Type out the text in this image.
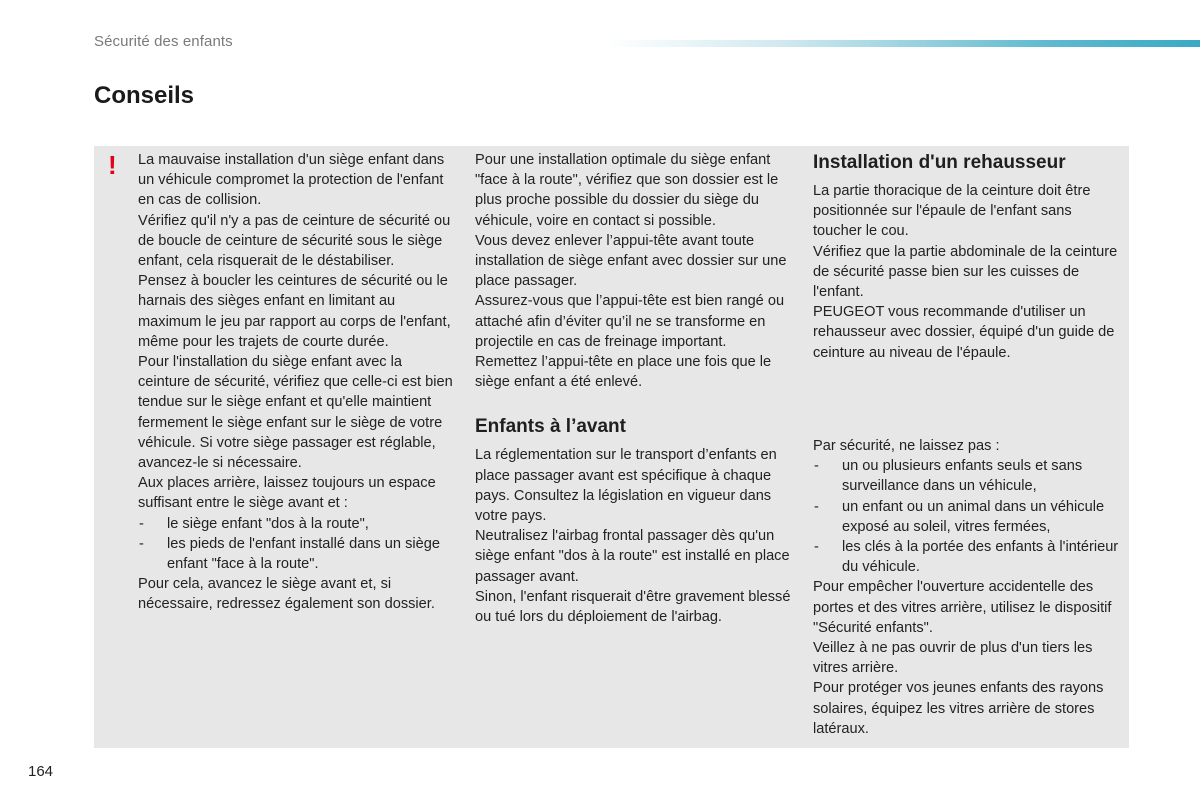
Sécurité des enfants
Conseils
! La mauvaise installation d'un siège enfant dans un véhicule compromet la protection de l'enfant en cas de collision.

Vérifiez qu'il n'y a pas de ceinture de sécurité ou de boucle de ceinture de sécurité sous le siège enfant, cela risquerait de le déstabiliser.

Pensez à boucler les ceintures de sécurité ou le harnais des sièges enfant en limitant au maximum le jeu par rapport au corps de l'enfant, même pour les trajets de courte durée.

Pour l'installation du siège enfant avec la ceinture de sécurité, vérifiez que celle-ci est bien tendue sur le siège enfant et qu'elle maintient fermement le siège enfant sur le siège de votre véhicule. Si votre siège passager est réglable, avancez-le si nécessaire.

Aux places arrière, laissez toujours un espace suffisant entre le siège avant et :

- le siège enfant "dos à la route",

- les pieds de l'enfant installé dans un siège enfant "face à la route".

Pour cela, avancez le siège avant et, si nécessaire, redressez également son dossier.

Pour une installation optimale du siège enfant "face à la route", vérifiez que son dossier est le plus proche possible du dossier du siège du véhicule, voire en contact si possible.

Vous devez enlever l’appui-tête avant toute installation de siège enfant avec dossier sur une place passager.

Assurez-vous que l’appui-tête est bien rangé ou attaché afin d’éviter qu’il ne se transforme en projectile en cas de freinage important.

Remettez l’appui-tête en place une fois que le siège enfant a été enlevé.

Enfants à l’avant

La réglementation sur le transport d’enfants en place passager avant est spécifique à chaque pays. Consultez la législation en vigueur dans votre pays.

Neutralisez l'airbag frontal passager dès qu'un siège enfant "dos à la route" est installé en place passager avant.

Sinon, l'enfant risquerait d'être gravement blessé ou tué lors du déploiement de l'airbag.

Installation d'un rehausseur

La partie thoracique de la ceinture doit être positionnée sur l'épaule de l'enfant sans toucher le cou.

Vérifiez que la partie abdominale de la ceinture de sécurité passe bien sur les cuisses de l'enfant.

PEUGEOT vous recommande d'utiliser un rehausseur avec dossier, équipé d'un guide de ceinture au niveau de l'épaule.

Par sécurité, ne laissez pas :

- un ou plusieurs enfants seuls et sans surveillance dans un véhicule,

- un enfant ou un animal dans un véhicule exposé au soleil, vitres fermées,

- les clés à la portée des enfants à l'intérieur du véhicule.

Pour empêcher l'ouverture accidentelle des portes et des vitres arrière, utilisez le dispositif "Sécurité enfants".

Veillez à ne pas ouvrir de plus d'un tiers les vitres arrière.

Pour protéger vos jeunes enfants des rayons solaires, équipez les vitres arrière de stores latéraux.

164
